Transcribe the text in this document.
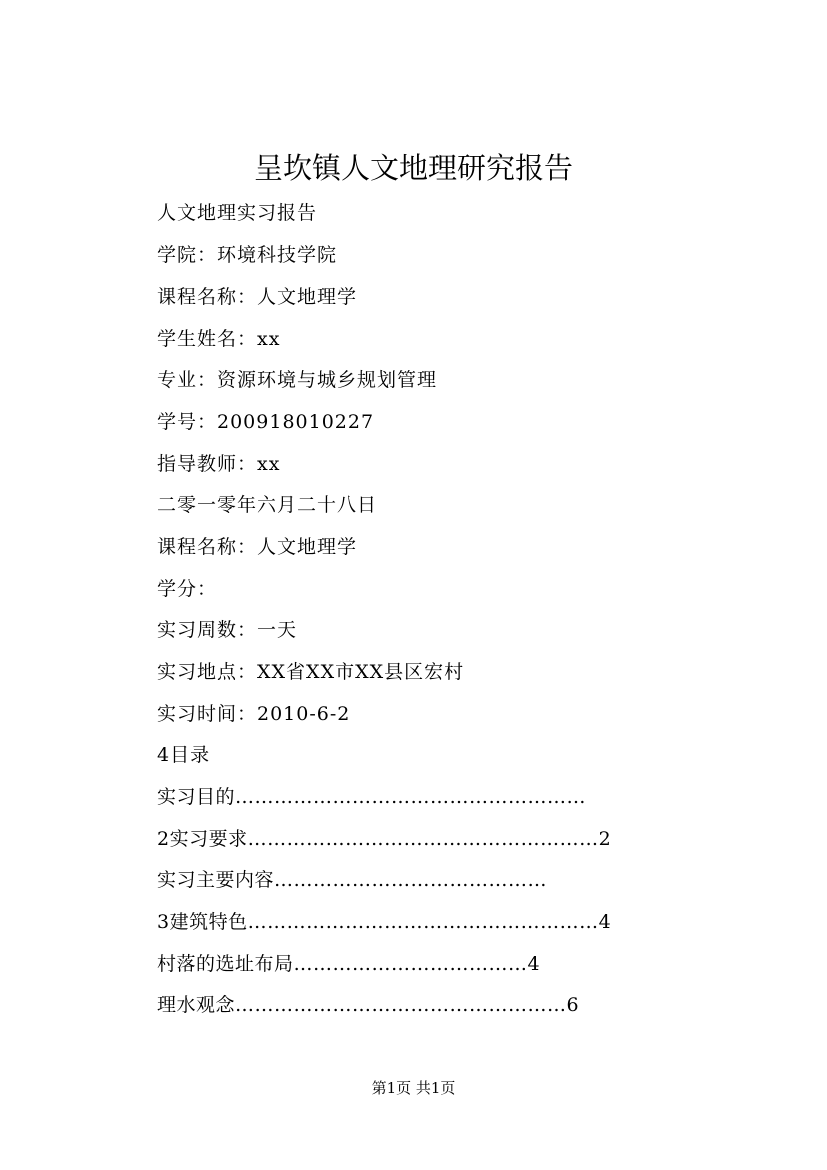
呈坎镇人文地理研究报告
人文地理实习报告
学院：环境科技学院
课程名称：人文地理学
学生姓名：xx
专业：资源环境与城乡规划管理
学号：200918010227
指导教师：xx
二零一零年六月二十八日
课程名称：人文地理学
学分：
实习周数：一天
实习地点：XX省XX市XX县区宏村
实习时间：2010-6-2
4目录
实习目的………………………………………………
2实习要求………………………………………………2
实习主要内容……………………………………
3建筑特色………………………………………………4
村落的选址布局………………………………4
理水观念……………………………………………6
第1页 共1页
